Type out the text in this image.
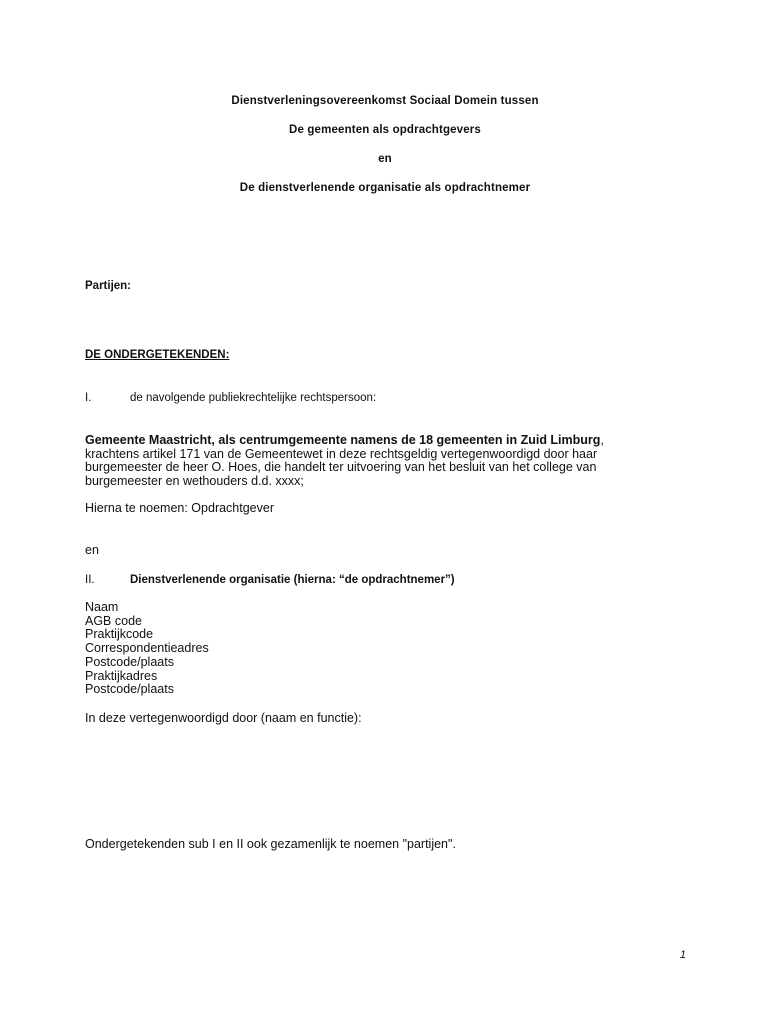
Dienstverleningsovereenkomst Sociaal Domein tussen
De gemeenten als opdrachtgevers
en
De dienstverlenende organisatie als opdrachtnemer
Partijen:
DE ONDERGETEKENDEN:
I.	de navolgende publiekrechtelijke rechtspersoon:
Gemeente Maastricht, als centrumgemeente namens de 18 gemeenten in Zuid Limburg,
krachtens artikel 171 van de Gemeentewet in deze rechtsgeldig vertegenwoordigd door haar
burgemeester de heer O. Hoes, die handelt ter uitvoering van het besluit van het college van
burgemeester en wethouders d.d. xxxx;
Hierna te noemen: Opdrachtgever
en
II.	Dienstverlenende organisatie (hierna: “de opdrachtnemer”)
Naam
AGB code
Praktijkcode
Correspondentieadres
Postcode/plaats
Praktijkadres
Postcode/plaats
In deze vertegenwoordigd door (naam en functie):
Ondergetekenden sub I en II ook gezamenlijk te noemen "partijen".
1
